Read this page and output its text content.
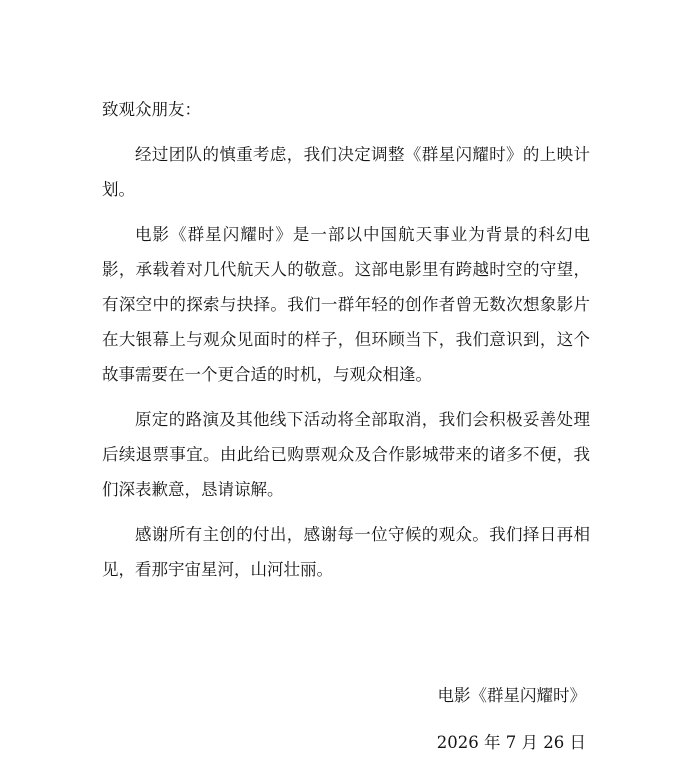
致观众朋友：

经过团队的慎重考虑，我们决定调整《群星闪耀时》的上映计划。

电影《群星闪耀时》是一部以中国航天事业为背景的科幻电影，承载着对几代航天人的敬意。这部电影里有跨越时空的守望，有深空中的探索与抉择。我们一群年轻的创作者曾无数次想象影片在大银幕上与观众见面时的样子，但环顾当下，我们意识到，这个故事需要在一个更合适的时机，与观众相逢。

原定的路演及其他线下活动将全部取消，我们会积极妥善处理后续退票事宜。由此给已购票观众及合作影城带来的诸多不便，我们深表歉意，恳请谅解。

感谢所有主创的付出，感谢每一位守候的观众。我们择日再相见，看那宇宙星河，山河壮丽。

电影《群星闪耀时》
2026 年 7 月 26 日
